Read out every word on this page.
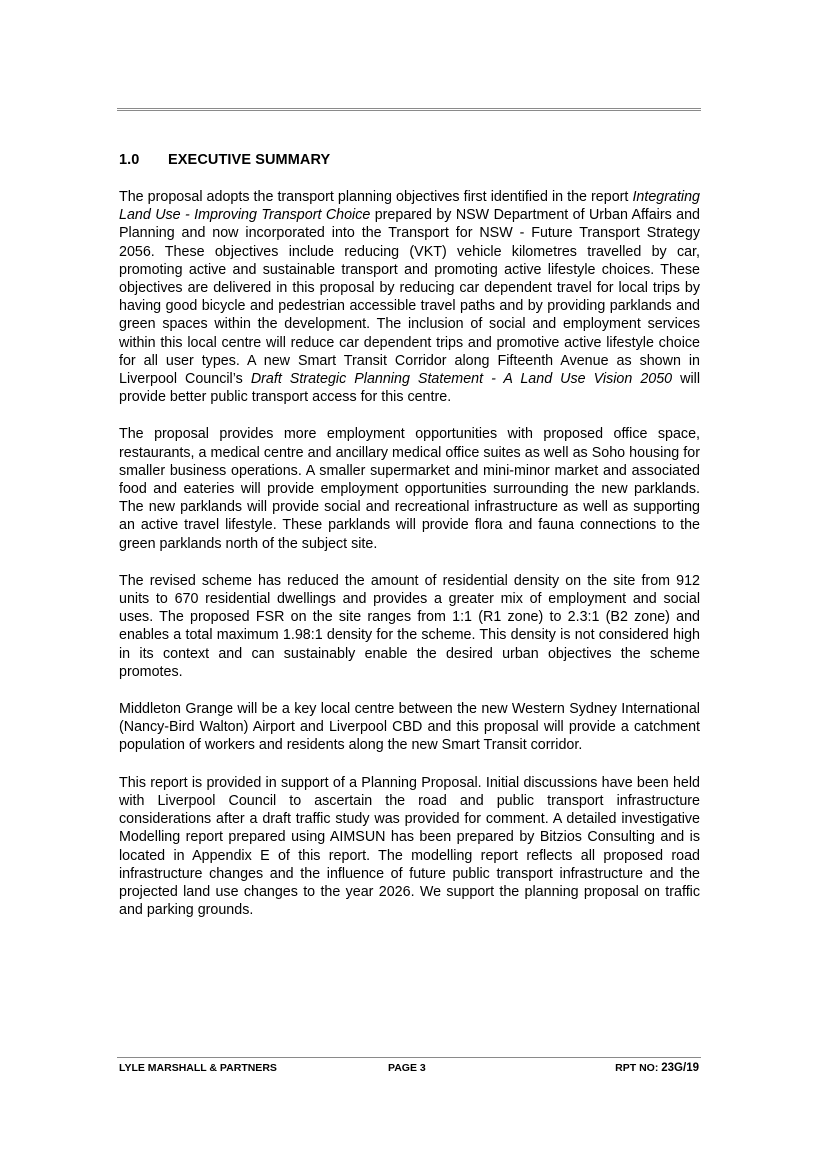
1.0 EXECUTIVE SUMMARY

The proposal adopts the transport planning objectives first identified in the report Integrating Land Use - Improving Transport Choice prepared by NSW Department of Urban Affairs and Planning and now incorporated into the Transport for NSW - Future Transport Strategy 2056. These objectives include reducing (VKT) vehicle kilometres travelled by car, promoting active and sustainable transport and promoting active lifestyle choices. These objectives are delivered in this proposal by reducing car dependent travel for local trips by having good bicycle and pedestrian accessible travel paths and by providing parklands and green spaces within the development. The inclusion of social and employment services within this local centre will reduce car dependent trips and promotive active lifestyle choice for all user types. A new Smart Transit Corridor along Fifteenth Avenue as shown in Liverpool Council’s Draft Strategic Planning Statement - A Land Use Vision 2050 will provide better public transport access for this centre.

The proposal provides more employment opportunities with proposed office space, restaurants, a medical centre and ancillary medical office suites as well as Soho housing for smaller business operations. A smaller supermarket and mini-minor market and associated food and eateries will provide employment opportunities surrounding the new parklands. The new parklands will provide social and recreational infrastructure as well as supporting an active travel lifestyle. These parklands will provide flora and fauna connections to the green parklands north of the subject site.

The revised scheme has reduced the amount of residential density on the site from 912 units to 670 residential dwellings and provides a greater mix of employment and social uses. The proposed FSR on the site ranges from 1:1 (R1 zone) to 2.3:1 (B2 zone) and enables a total maximum 1.98:1 density for the scheme. This density is not considered high in its context and can sustainably enable the desired urban objectives the scheme promotes.

Middleton Grange will be a key local centre between the new Western Sydney International (Nancy-Bird Walton) Airport and Liverpool CBD and this proposal will provide a catchment population of workers and residents along the new Smart Transit corridor.

This report is provided in support of a Planning Proposal. Initial discussions have been held with Liverpool Council to ascertain the road and public transport infrastructure considerations after a draft traffic study was provided for comment. A detailed investigative Modelling report prepared using AIMSUN has been prepared by Bitzios Consulting and is located in Appendix E of this report. The modelling report reflects all proposed road infrastructure changes and the influence of future public transport infrastructure and the projected land use changes to the year 2026. We support the planning proposal on traffic and parking grounds.

LYLE MARSHALL & PARTNERS	PAGE 3	RPT NO: 23G/19
